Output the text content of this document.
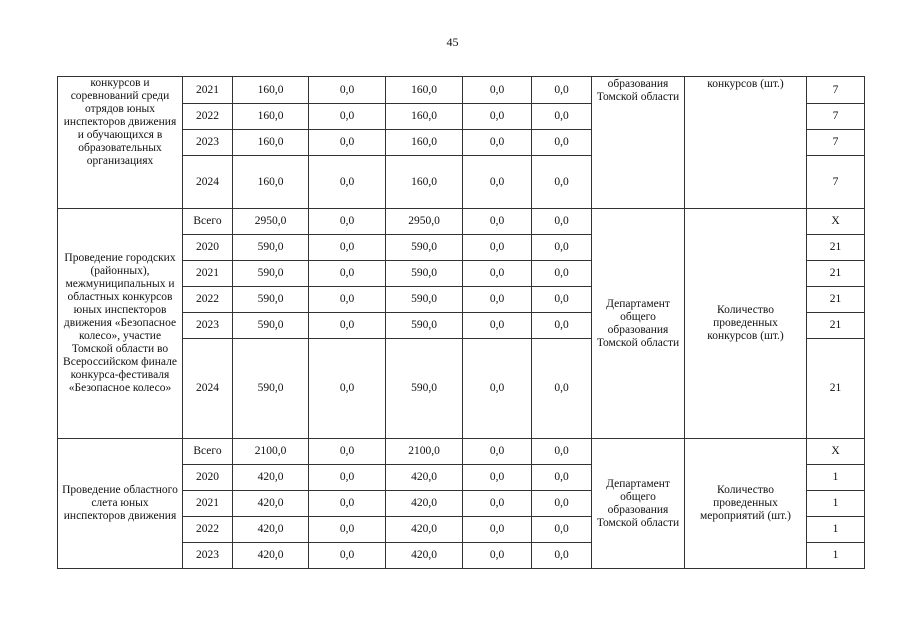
45
конкурсов и соревнований среди отрядов юных инспекторов движения и обучающихся в образовательных организациях	2021	160,0	0,0	160,0	0,0	0,0	образования Томской области	конкурсов (шт.)	7
	2022	160,0	0,0	160,0	0,0	0,0			7
	2023	160,0	0,0	160,0	0,0	0,0			7
	2024	160,0	0,0	160,0	0,0	0,0			7
Проведение городских (районных), межмуниципальных и областных конкурсов юных инспекторов движения «Безопасное колесо», участие Томской области во Всероссийском финале конкурса-фестиваля «Безопасное колесо»	Всего	2950,0	0,0	2950,0	0,0	0,0	Департамент общего образования Томской области	Количество проведенных конкурсов (шт.)	X
	2020	590,0	0,0	590,0	0,0	0,0			21
	2021	590,0	0,0	590,0	0,0	0,0			21
	2022	590,0	0,0	590,0	0,0	0,0			21
	2023	590,0	0,0	590,0	0,0	0,0			21
	2024	590,0	0,0	590,0	0,0	0,0			21
Проведение областного слета юных инспекторов движения	Всего	2100,0	0,0	2100,0	0,0	0,0	Департамент общего образования Томской области	Количество проведенных мероприятий (шт.)	X
	2020	420,0	0,0	420,0	0,0	0,0			1
	2021	420,0	0,0	420,0	0,0	0,0			1
	2022	420,0	0,0	420,0	0,0	0,0			1
	2023	420,0	0,0	420,0	0,0	0,0			1
